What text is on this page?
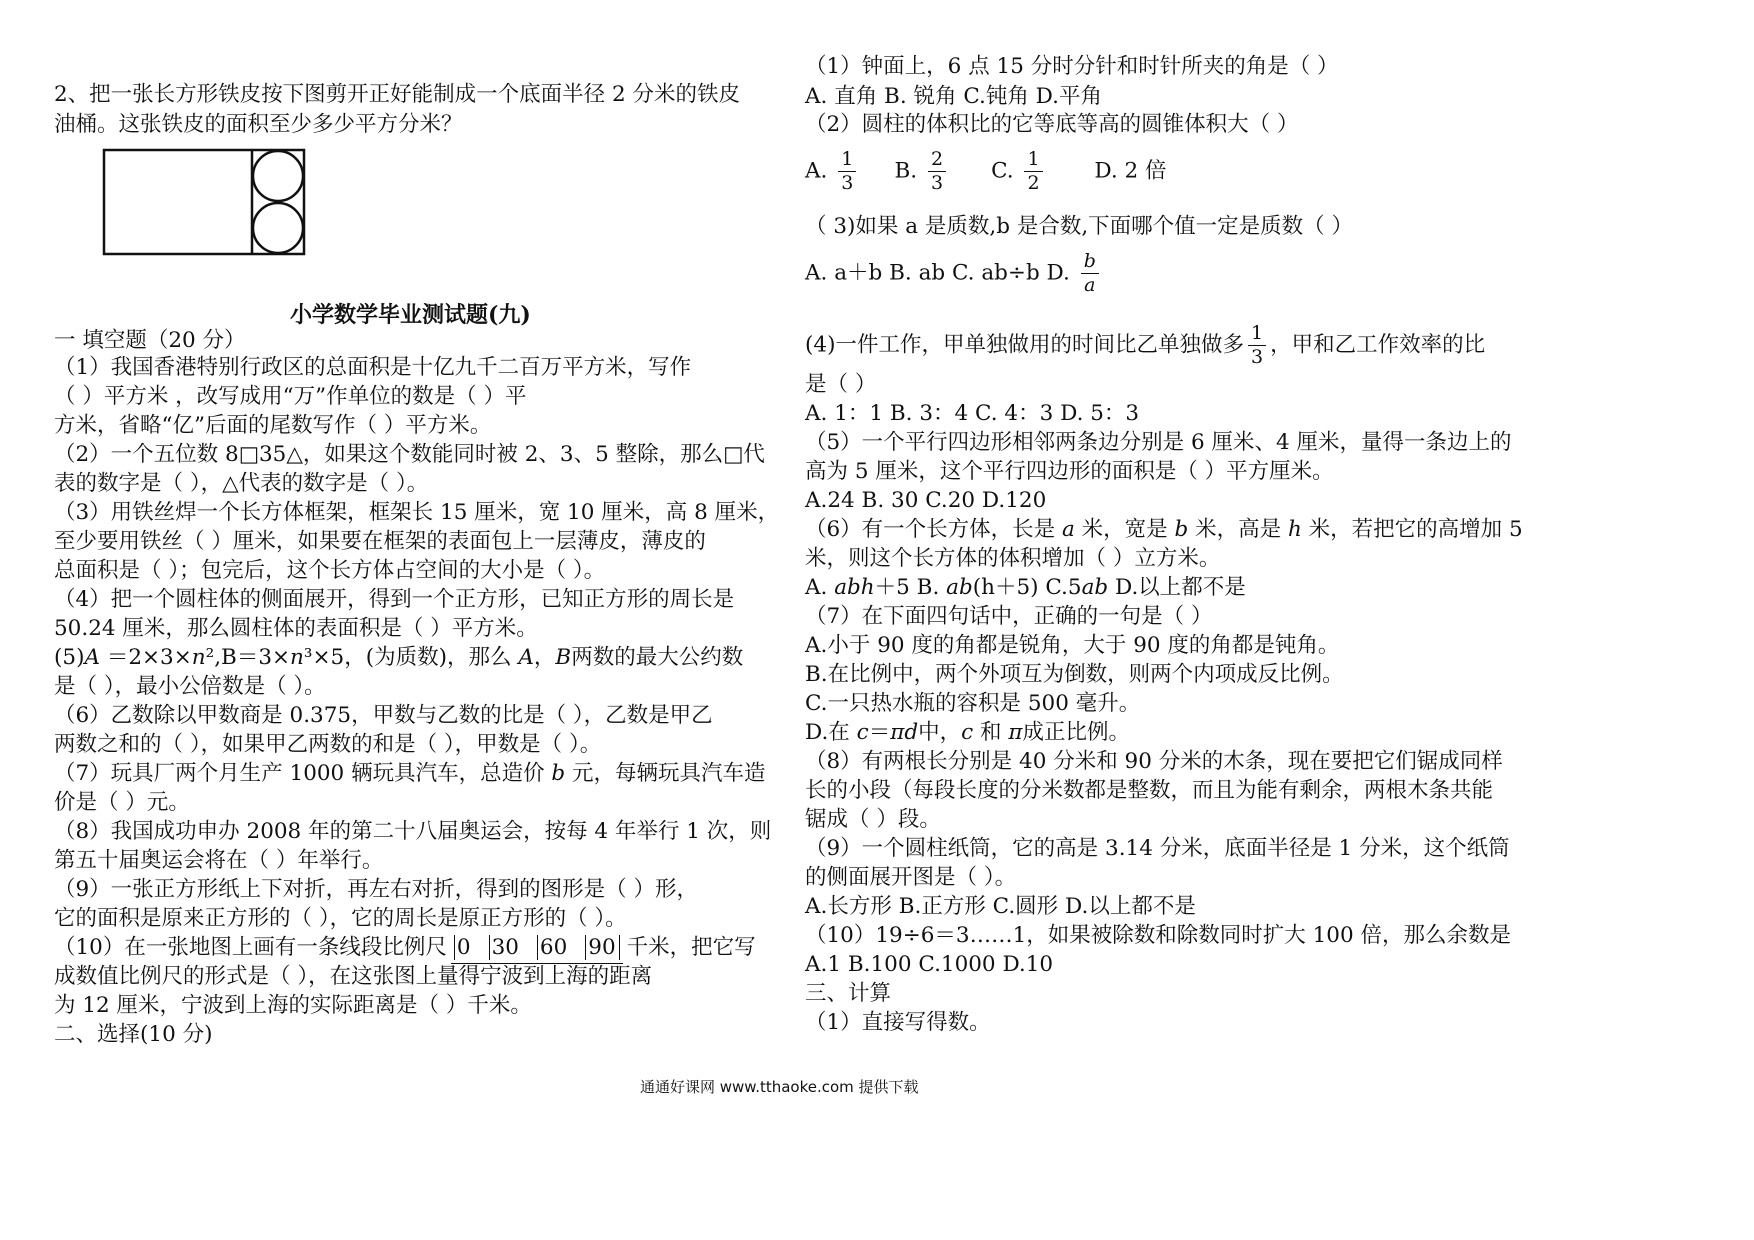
2、把一张长方形铁皮按下图剪开正好能制成一个底面半径 2 分米的铁皮
油桶。这张铁皮的面积至少多少平方分米？
小学数学毕业测试题(九)
一 填空题（20 分）
（1）我国香港特别行政区的总面积是十亿九千二百万平方米，写作
（ ）平方米 ，改写成用“万”作单位的数是（ ）平
方米，省略“亿”后面的尾数写作（ ）平方米。
（2）一个五位数 8□35△，如果这个数能同时被 2、3、5 整除，那么□代
表的数字是（ ），△代表的数字是（ ）。
（3）用铁丝焊一个长方体框架，框架长 15 厘米，宽 10 厘米，高 8 厘米，
至少要用铁丝（ ）厘米，如果要在框架的表面包上一层薄皮，薄皮的
总面积是（ ）；包完后，这个长方体占空间的大小是（ ）。
（4）把一个圆柱体的侧面展开，得到一个正方形，已知正方形的周长是
50.24 厘米，那么圆柱体的表面积是（ ）平方米。
(5)A ＝2×3×n²,B＝3×n³×5，(为质数)，那么 A，B两数的最大公约数
是（ ），最小公倍数是（ ）。
（6）乙数除以甲数商是 0.375，甲数与乙数的比是（ ），乙数是甲乙
两数之和的（ ），如果甲乙两数的和是（ ），甲数是（ ）。
（7）玩具厂两个月生产 1000 辆玩具汽车，总造价 b 元，每辆玩具汽车造
价是（ ）元。
（8）我国成功申办 2008 年的第二十八届奥运会，按每 4 年举行 1 次，则
第五十届奥运会将在（ ）年举行。
（9）一张正方形纸上下对折，再左右对折，得到的图形是（ ）形，
它的面积是原来正方形的（ ），它的周长是原正方形的（ ）。
（10）在一张地图上画有一条线段比例尺 0 30 60 90 千米，把它写
成数值比例尺的形式是（ ），在这张图上量得宁波到上海的距离
为 12 厘米，宁波到上海的实际距离是（ ）千米。
二、选择(10 分)
（1）钟面上，6 点 15 分时分针和时针所夹的角是（ ）
A. 直角 B. 锐角 C.钝角 D.平角
（2）圆柱的体积比的它等底等高的圆锥体积大（ ）
A. $\frac{1}{3} B$. $\frac{2}{3} C$. $\frac{1}{2} D$. 2 倍
（ 3)如果 a 是质数,b 是合数,下面哪个值一定是质数（ ）
A. a＋b B. ab C. ab÷b D. $\frac{b}{a}$
(4)一件工作，甲单独做用的时间比乙单独做多 $\frac{1}{3}$ ，甲和乙工作效率的比
是（ ）
A. 1：1 B. 3：4 C. 4：3 D. 5：3
（5）一个平行四边形相邻两条边分别是 6 厘米、4 厘米，量得一条边上的
高为 5 厘米，这个平行四边形的面积是（ ）平方厘米。
A.24 B. 30 C.20 D.120
（6）有一个长方体，长是 a 米，宽是 b 米，高是 h 米，若把它的高增加 5
米，则这个长方体的体积增加（ ）立方米。
A. abh＋5 B. ab(h＋5) C.5ab D.以上都不是
（7）在下面四句话中，正确的一句是（ ）
A.小于 90 度的角都是锐角，大于 90 度的角都是钝角。
B.在比例中，两个外项互为倒数，则两个内项成反比例。
C.一只热水瓶的容积是 500 毫升。
D.在 c＝πd中，c 和 π成正比例。
（8）有两根长分别是 40 分米和 90 分米的木条，现在要把它们锯成同样
长的小段（每段长度的分米数都是整数，而且为能有剩余，两根木条共能
锯成（ ）段。
（9）一个圆柱纸筒，它的高是 3.14 分米，底面半径是 1 分米，这个纸筒
的侧面展开图是（ ）。
A.长方形 B.正方形 C.圆形 D.以上都不是
（10）19÷6＝3……1，如果被除数和除数同时扩大 100 倍，那么余数是
A.1 B.100 C.1000 D.10
三、计算
（1）直接写得数。
通通好课网 www.tthaoke.com 提供下载
